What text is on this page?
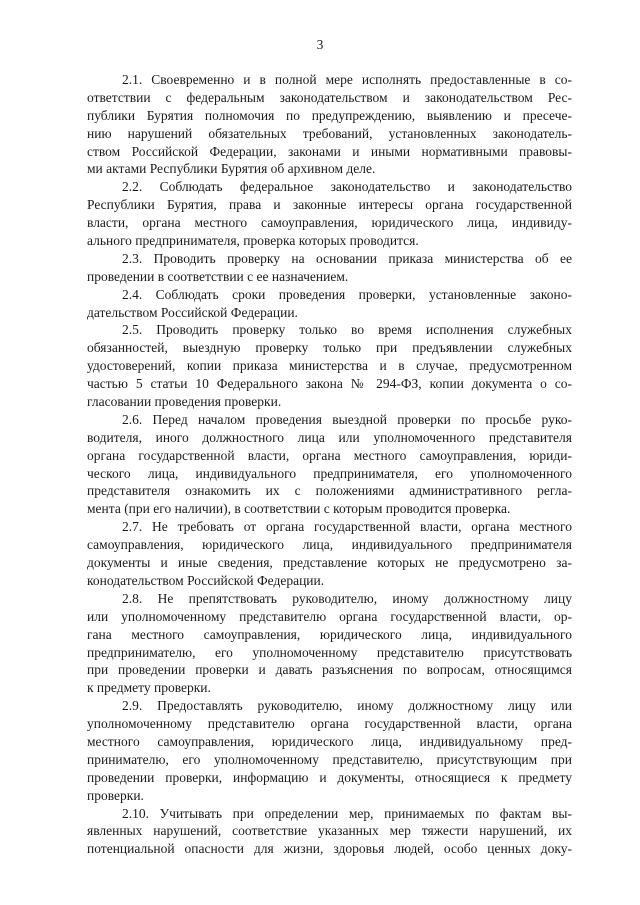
3
2.1. Своевременно и в полной мере исполнять предоставленные в со-
ответствии с федеральным законодательством и законодательством Рес-
публики Бурятия полномочия по предупреждению, выявлению и пресече-
нию нарушений обязательных требований, установленных законодатель-
ством Российской Федерации, законами и иными нормативными правовы-
ми актами Республики Бурятия об архивном деле.
2.2. Соблюдать федеральное законодательство и законодательство
Республики Бурятия, права и законные интересы органа государственной
власти, органа местного самоуправления, юридического лица, индивиду-
ального предпринимателя, проверка которых проводится.
2.3. Проводить проверку на основании приказа министерства об ее
проведении в соответствии с ее назначением.
2.4. Соблюдать сроки проведения проверки, установленные законо-
дательством Российской Федерации.
2.5. Проводить проверку только во время исполнения служебных
обязанностей, выездную проверку только при предъявлении служебных
удостоверений, копии приказа министерства и в случае, предусмотренном
частью 5 статьи 10 Федерального закона № 294-ФЗ, копии документа о со-
гласовании проведения проверки.
2.6. Перед началом проведения выездной проверки по просьбе руко-
водителя, иного должностного лица или уполномоченного представителя
органа государственной власти, органа местного самоуправления, юриди-
ческого лица, индивидуального предпринимателя, его уполномоченного
представителя ознакомить их с положениями административного регла-
мента (при его наличии), в соответствии с которым проводится проверка.
2.7. Не требовать от органа государственной власти, органа местного
самоуправления, юридического лица, индивидуального предпринимателя
документы и иные сведения, представление которых не предусмотрено за-
конодательством Российской Федерации.
2.8. Не препятствовать руководителю, иному должностному лицу
или уполномоченному представителю органа государственной власти, ор-
гана местного самоуправления, юридического лица, индивидуального
предпринимателю, его уполномоченному представителю присутствовать
при проведении проверки и давать разъяснения по вопросам, относящимся
к предмету проверки.
2.9. Предоставлять руководителю, иному должностному лицу или
уполномоченному представителю органа государственной власти, органа
местного самоуправления, юридического лица, индивидуальному пред-
принимателю, его уполномоченному представителю, присутствующим при
проведении проверки, информацию и документы, относящиеся к предмету
проверки.
2.10. Учитывать при определении мер, принимаемых по фактам вы-
явленных нарушений, соответствие указанных мер тяжести нарушений, их
потенциальной опасности для жизни, здоровья людей, особо ценных доку-
